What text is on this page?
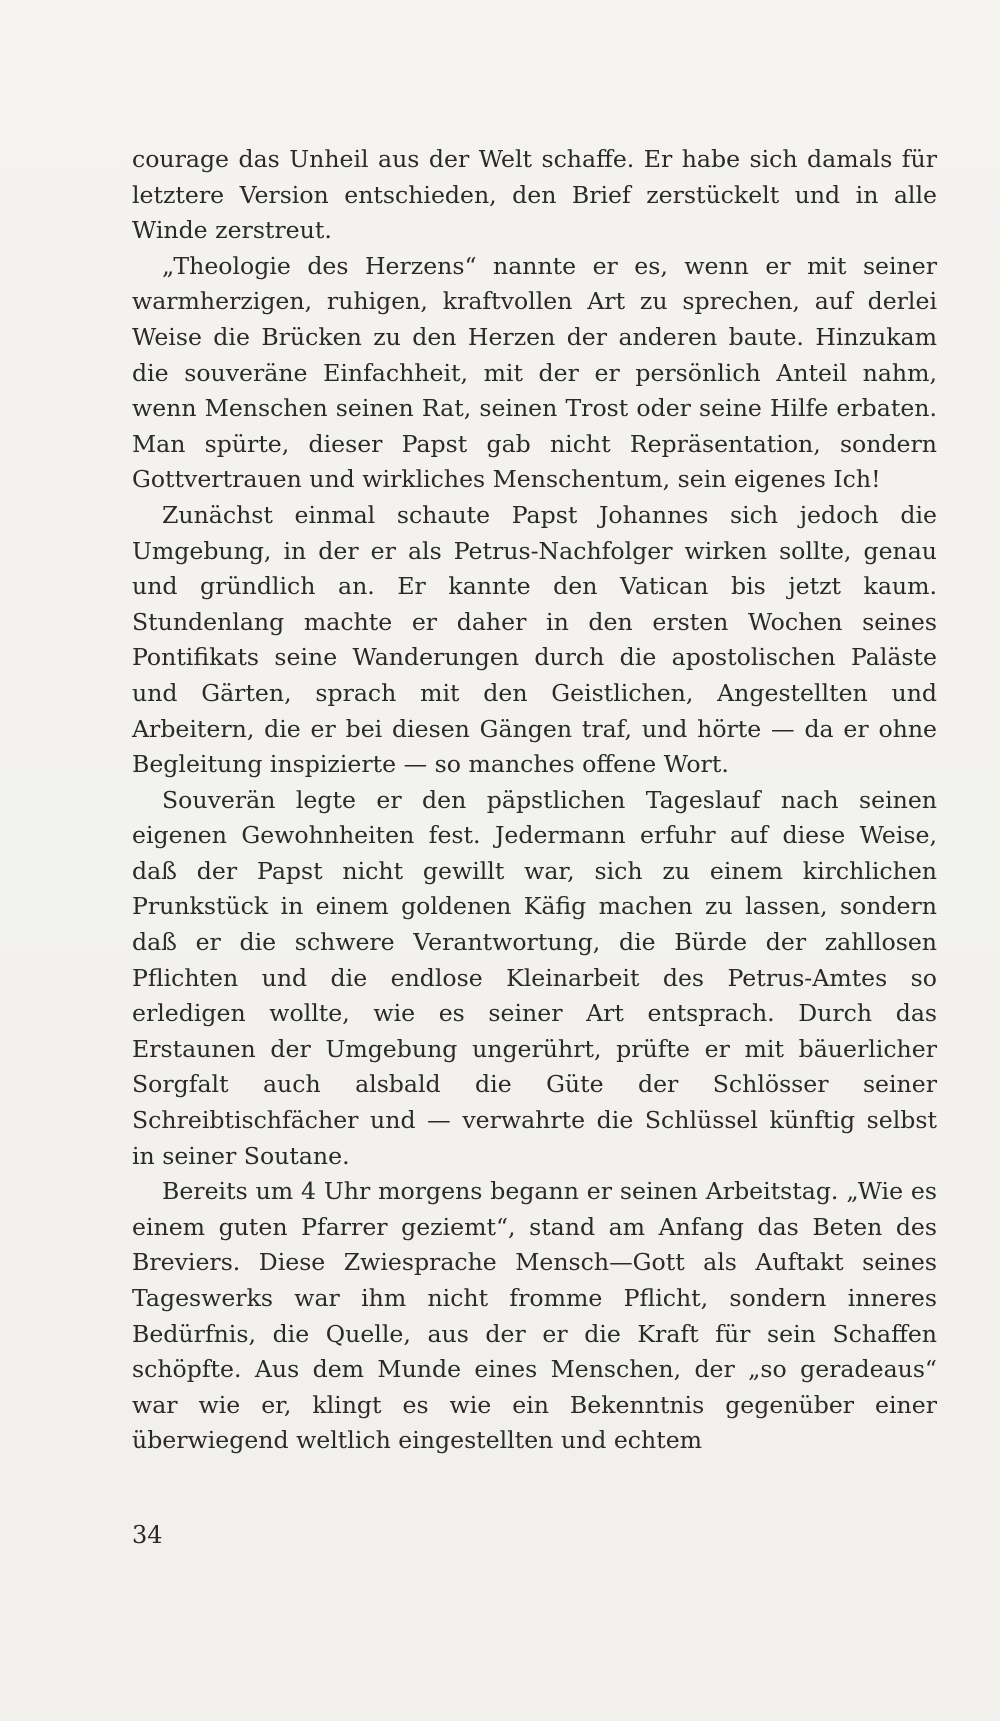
courage das Unheil aus der Welt schaffe. Er habe sich damals für letztere Version entschieden, den Brief zerstückelt und in alle Winde zerstreut.

„Theologie des Herzens“ nannte er es, wenn er mit seiner warmherzigen, ruhigen, kraftvollen Art zu sprechen, auf derlei Weise die Brücken zu den Herzen der anderen baute. Hinzukam die souveräne Einfachheit, mit der er persönlich Anteil nahm, wenn Menschen seinen Rat, seinen Trost oder seine Hilfe erbaten. Man spürte, dieser Papst gab nicht Repräsentation, sondern Gottvertrauen und wirkliches Menschentum, sein eigenes Ich!

Zunächst einmal schaute Papst Johannes sich jedoch die Umgebung, in der er als Petrus-Nachfolger wirken sollte, genau und gründlich an. Er kannte den Vatican bis jetzt kaum. Stundenlang machte er daher in den ersten Wochen seines Pontifikats seine Wanderungen durch die apostolischen Paläste und Gärten, sprach mit den Geistlichen, Angestellten und Arbeitern, die er bei diesen Gängen traf, und hörte — da er ohne Begleitung inspizierte — so manches offene Wort.

Souverän legte er den päpstlichen Tageslauf nach seinen eigenen Gewohnheiten fest. Jedermann erfuhr auf diese Weise, daß der Papst nicht gewillt war, sich zu einem kirchlichen Prunkstück in einem goldenen Käfig machen zu lassen, sondern daß er die schwere Verantwortung, die Bürde der zahllosen Pflichten und die endlose Kleinarbeit des Petrus-Amtes so erledigen wollte, wie es seiner Art entsprach. Durch das Erstaunen der Umgebung ungerührt, prüfte er mit bäuerlicher Sorgfalt auch alsbald die Güte der Schlösser seiner Schreibtischfächer und — verwahrte die Schlüssel künftig selbst in seiner Soutane.

Bereits um 4 Uhr morgens begann er seinen Arbeitstag. „Wie es einem guten Pfarrer geziemt“, stand am Anfang das Beten des Breviers. Diese Zwiesprache Mensch—Gott als Auftakt seines Tageswerks war ihm nicht fromme Pflicht, sondern inneres Bedürfnis, die Quelle, aus der er die Kraft für sein Schaffen schöpfte. Aus dem Munde eines Menschen, der „so geradeaus“ war wie er, klingt es wie ein Bekenntnis gegenüber einer überwiegend weltlich eingestellten und echtem

34
